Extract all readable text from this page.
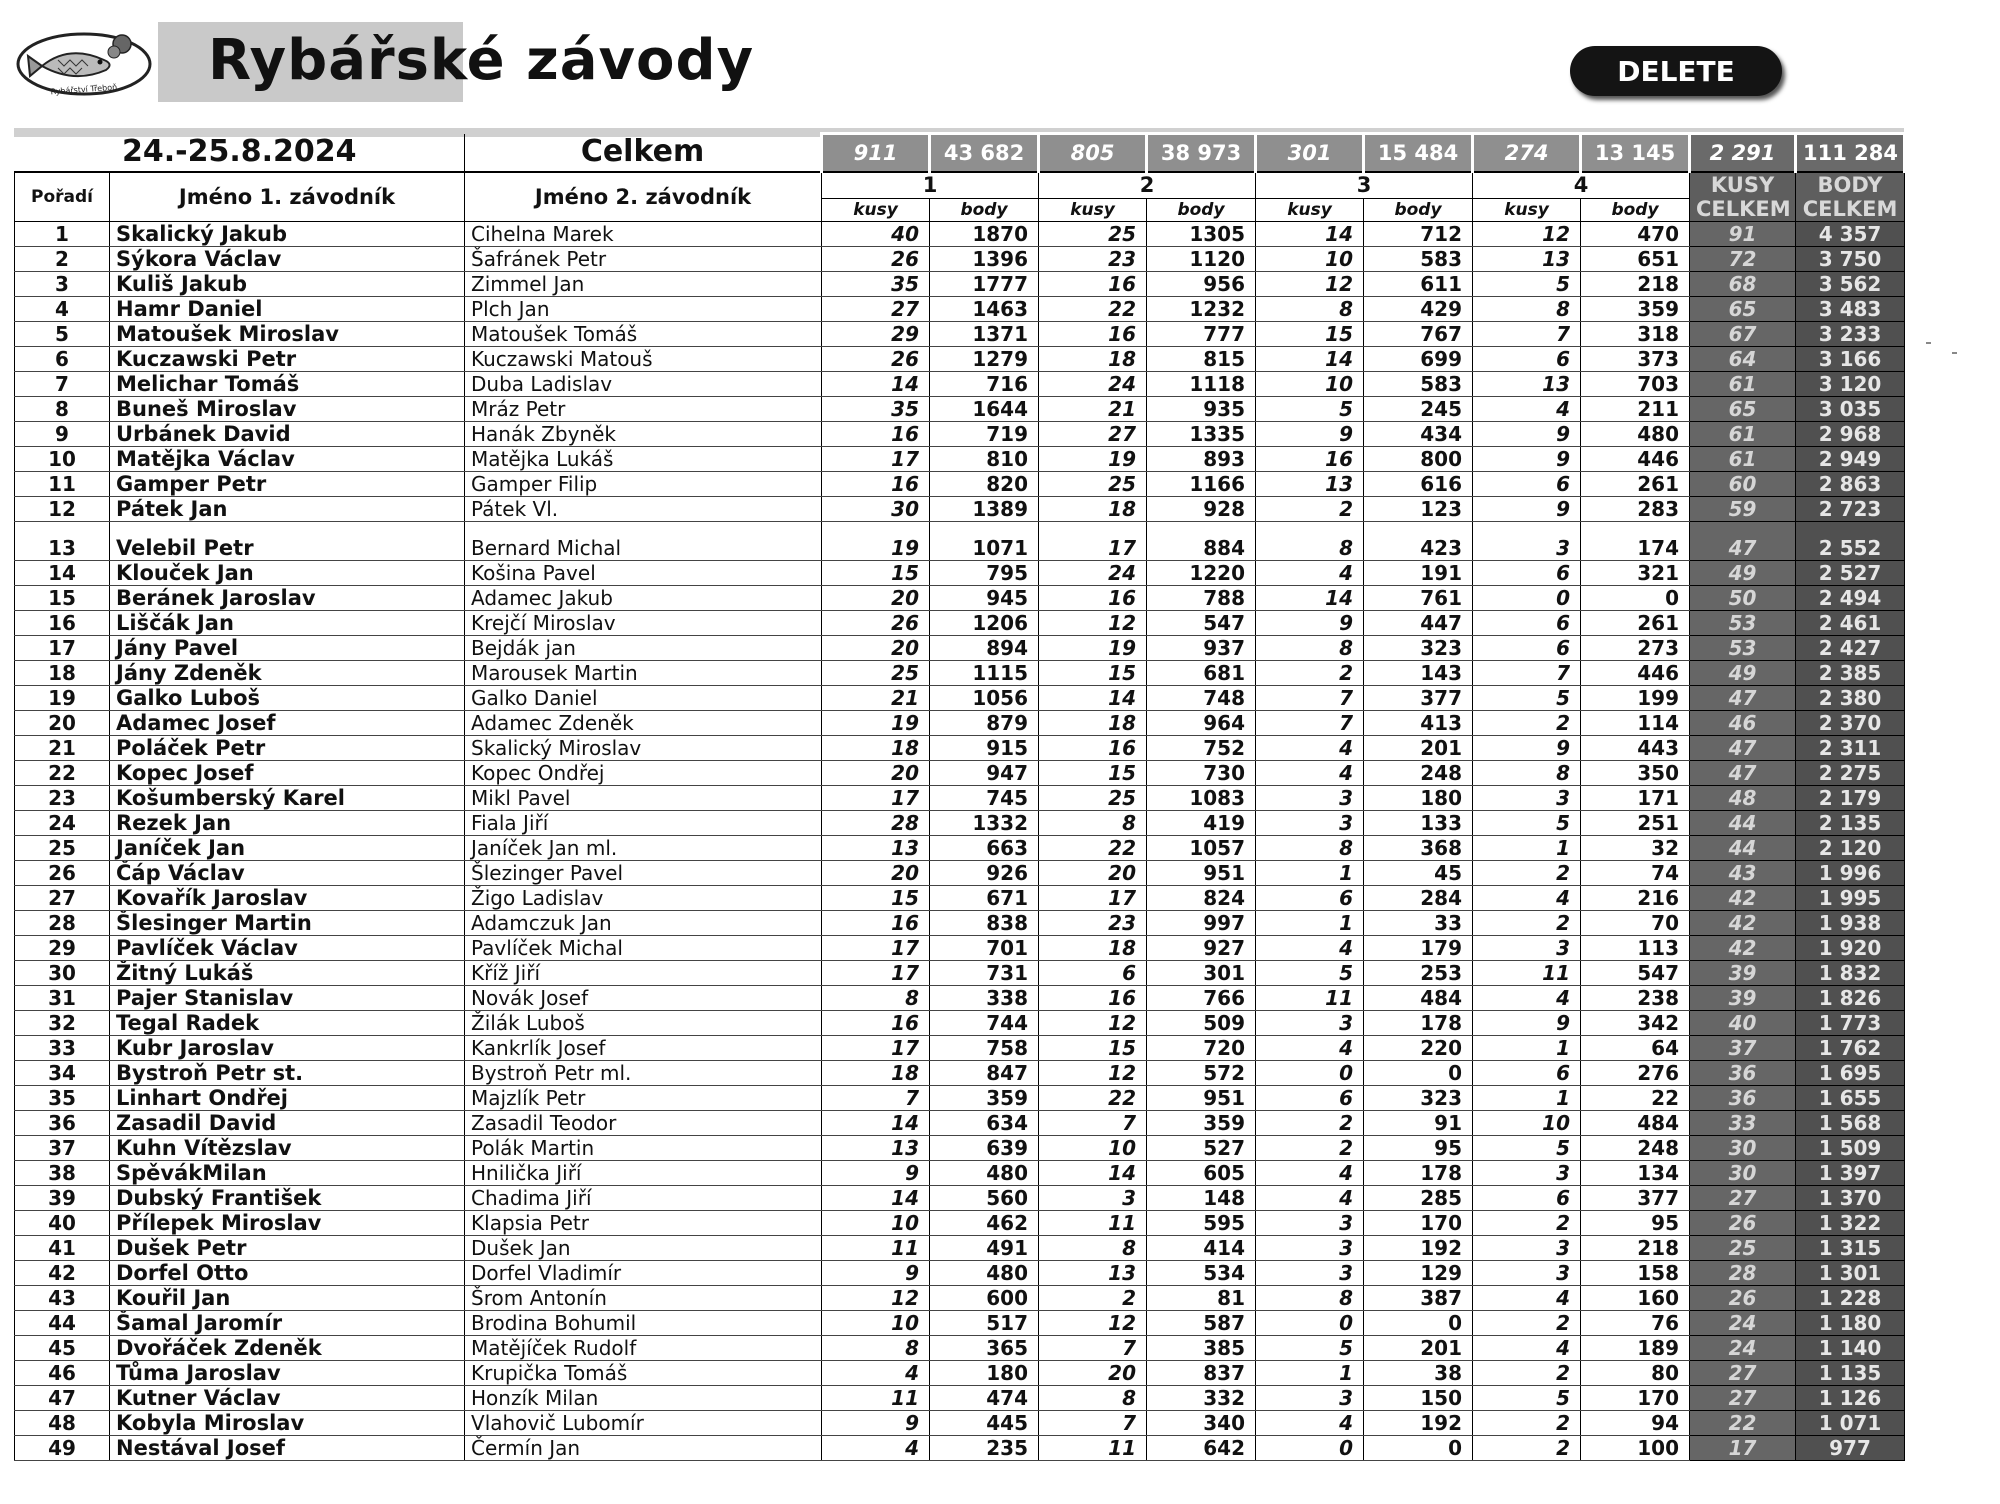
Rybářství Třeboň Rybářské závody	DELETE
24.-25.8.2024		Celkem	911	43 682	805	38 973	301	15 484	274	13 145	2 291	111 284
Pořadí	Jméno 1. závodník	Jméno 2. závodník	1		2		3		4		KUSY CELKEM	BODY CELKEM
			kusy	body	kusy	body	kusy	body	kusy	body		
1	Skalický Jakub	Cihelna Marek	40	1870	25	1305	14	712	12	470	91	4 357
2	Sýkora Václav	Šafránek Petr	26	1396	23	1120	10	583	13	651	72	3 750
3	Kuliš Jakub	Zimmel Jan	35	1777	16	956	12	611	5	218	68	3 562
4	Hamr Daniel	Plch Jan	27	1463	22	1232	8	429	8	359	65	3 483
5	Matoušek Miroslav	Matoušek Tomáš	29	1371	16	777	15	767	7	318	67	3 233
6	Kuczawski Petr	Kuczawski Matouš	26	1279	18	815	14	699	6	373	64	3 166
7	Melichar Tomáš	Duba Ladislav	14	716	24	1118	10	583	13	703	61	3 120
8	Buneš Miroslav	Mráz Petr	35	1644	21	935	5	245	4	211	65	3 035
9	Urbánek David	Hanák Zbyněk	16	719	27	1335	9	434	9	480	61	2 968
10	Matějka Václav	Matějka Lukáš	17	810	19	893	16	800	9	446	61	2 949
11	Gamper Petr	Gamper Filip	16	820	25	1166	13	616	6	261	60	2 863
12	Pátek Jan	Pátek Vl.	30	1389	18	928	2	123	9	283	59	2 723
13	Velebil Petr	Bernard Michal	19	1071	17	884	8	423	3	174	47	2 552
14	Klouček Jan	Košina Pavel	15	795	24	1220	4	191	6	321	49	2 527
15	Beránek Jaroslav	Adamec Jakub	20	945	16	788	14	761	0	0	50	2 494
16	Liščák Jan	Krejčí Miroslav	26	1206	12	547	9	447	6	261	53	2 461
17	Jány Pavel	Bejdák jan	20	894	19	937	8	323	6	273	53	2 427
18	Jány Zdeněk	Marousek Martin	25	1115	15	681	2	143	7	446	49	2 385
19	Galko Luboš	Galko Daniel	21	1056	14	748	7	377	5	199	47	2 380
20	Adamec Josef	Adamec Zdeněk	19	879	18	964	7	413	2	114	46	2 370
21	Poláček Petr	Skalický Miroslav	18	915	16	752	4	201	9	443	47	2 311
22	Kopec Josef	Kopec Ondřej	20	947	15	730	4	248	8	350	47	2 275
23	Košumberský Karel	Mikl Pavel	17	745	25	1083	3	180	3	171	48	2 179
24	Rezek Jan	Fiala Jiří	28	1332	8	419	3	133	5	251	44	2 135
25	Janíček Jan	Janíček Jan ml.	13	663	22	1057	8	368	1	32	44	2 120
26	Čáp Václav	Šlezinger Pavel	20	926	20	951	1	45	2	74	43	1 996
27	Kovařík Jaroslav	Žigo Ladislav	15	671	17	824	6	284	4	216	42	1 995
28	Šlesinger Martin	Adamczuk Jan	16	838	23	997	1	33	2	70	42	1 938
29	Pavlíček Václav	Pavlíček Michal	17	701	18	927	4	179	3	113	42	1 920
30	Žitný Lukáš	Kříž Jiří	17	731	6	301	5	253	11	547	39	1 832
31	Pajer Stanislav	Novák Josef	8	338	16	766	11	484	4	238	39	1 826
32	Tegal Radek	Žilák Luboš	16	744	12	509	3	178	9	342	40	1 773
33	Kubr Jaroslav	Kankrlík Josef	17	758	15	720	4	220	1	64	37	1 762
34	Bystroň Petr st.	Bystroň Petr ml.	18	847	12	572	0	0	6	276	36	1 695
35	Linhart Ondřej	Majzlík Petr	7	359	22	951	6	323	1	22	36	1 655
36	Zasadil David	Zasadil Teodor	14	634	7	359	2	91	10	484	33	1 568
37	Kuhn Vítězslav	Polák Martin	13	639	10	527	2	95	5	248	30	1 509
38	SpěvákMilan	Hnilička Jiří	9	480	14	605	4	178	3	134	30	1 397
39	Dubský František	Chadima Jiří	14	560	3	148	4	285	6	377	27	1 370
40	Přílepek Miroslav	Klapsia Petr	10	462	11	595	3	170	2	95	26	1 322
41	Dušek Petr	Dušek Jan	11	491	8	414	3	192	3	218	25	1 315
42	Dorfel Otto	Dorfel Vladimír	9	480	13	534	3	129	3	158	28	1 301
43	Kouřil Jan	Šrom Antonín	12	600	2	81	8	387	4	160	26	1 228
44	Šamal Jaromír	Brodina Bohumil	10	517	12	587	0	0	2	76	24	1 180
45	Dvořáček Zdeněk	Matějíček Rudolf	8	365	7	385	5	201	4	189	24	1 140
46	Tůma Jaroslav	Krupička Tomáš	4	180	20	837	1	38	2	80	27	1 135
47	Kutner Václav	Honzík Milan	11	474	8	332	3	150	5	170	27	1 126
48	Kobyla Miroslav	Vlahovič Lubomír	9	445	7	340	4	192	2	94	22	1 071
49	Nestával Josef	Čermín Jan	4	235	11	642	0	0	2	100	17	977
